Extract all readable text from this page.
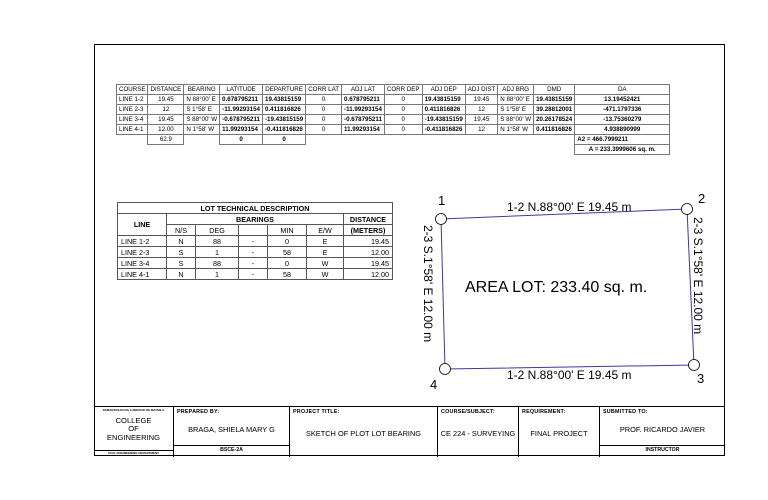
COURSE	DISTANCE	BEARING	LATITUDE	DEPARTURE	CORR LAT	ADJ LAT	CORR DEP	ADJ DEP	ADJ DIST	ADJ BRG	DMD	DA
LINE 1-2	19.45	N 88°00' E	0.678795211	19.43815159	0	0.678795211	0	19.43815159	19.45	N 88°00' E	19.43815159	13.19452421
LINE 2-3	12	S 1°58' E	-11.99293154	0.411816826	0	-11.99293154	0	0.411816826	12	S 1°58' E	39.28812001	-471.1797336
LINE 3-4	19.45	S 88°00' W	-0.678795211	-19.43815159	0	-0.678795211	0	-19.43815159	19.45	S 88°00' W	20.26178524	-13.75360279
LINE 4-1	12.00	N 1°58' W	11.99293154	-0.411816826	0	11.99293154	0	-0.411816826	12	N 1°58' W	0.411816826	4.938890999
	62.9		0	0								A2 = 466.7999211
												A = 233.3999606 sq. m.
LOT TECHNICAL DESCRIPTION						
LINE	BEARINGS					DISTANCE
	N/S	DEG		MIN	E/W	(METERS)
LINE 1-2	N	88	-	0	E	19.45
LINE 2-3	S	1	-	58	E	12.00
LINE 3-4	S	88	-	0	W	19.45
LINE 4-1	N	1	-	58	W	12.00
1	2
3
4
1-2 N.88°00' E 19.45 m
1-2 N.88°00' E 19.45 m
2-3 S.1°58' E 12.00 m	2-3 S.1°58' E 12.00 m
AREA LOT: 233.40 sq. m.
PAMANTASAN NG LUNGSOD NG MAYNILA
COLLEGE
OF
ENGINEERING
CIVIL ENGINEERING DEPARTMENT
PREPARED BY:
BRAGA, SHIELA MARY G
BSCE-2A
PROJECT TITLE:
SKETCH OF PLOT LOT BEARING
COURSE/SUBJECT:
CE 224 - SURVEYING
REQUIREMENT:
FINAL PROJECT
SUBMITTED TO:
PROF. RICARDO JAVIER
INSTRUCTOR
